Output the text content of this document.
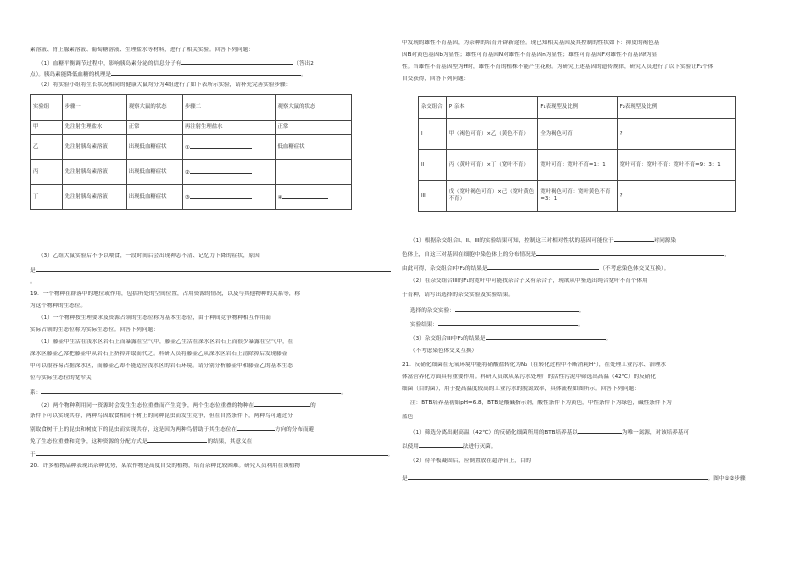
素溶液、胃上腺素溶液、葡萄糖溶液、生理盐水等材料，进行了相关实验。回答下列问题：
（1）血糖平衡调节过程中，影响胰岛素分泌的信息分子有	（答出2
点）。胰岛素能降低血糖的机理是	。
（2）将实验小组将生长状况相同的健康大鼠均分为4组进行了如下表所示实验，请补充完善实验步骤：
实验组	步骤一	观察大鼠的状态	步骤二	观察大鼠的状态
甲	先注射生理盐水	正常	再注射生理盐水	正常
乙	先注射胰岛素溶液	出现低血糖症状	①	低血糖症状
丙	先注射胰岛素溶液	出现低血糖症状	②	
丁	先注射胰岛素溶液	出现低血糖症状	③	④
（3）乙组大鼠实验后不予以喂食，一段时间后会出现神志不清、记忆力下降的症状，原因
是
。
19．一个物种在群落中的地位或作用，包括所处的空间位置，占用资源的情况，以及与其他物种的关系等，称
为这个物种的生态位。
（1）一个物种按生理要求及资源占领的生态位称为基本生态位，由于种间竞争物种相互作用而
实际占领的生态位称为实际生态位。回答下列问题：
（1）藤壶甲生活在浅水区岩石上而暴露在空气中，藤壶乙生活在深水区岩石上而很少暴露在空气中，在
深水区藤壶乙常把藤壶甲从岩石上挤掉并取而代之。科研人员将藤壶乙从深水区岩石上清除掉后发现藤壶
甲可以很容易占据深水区，而藤壶乙却不能适应浅水区的岩石环境。请分别分析藤壶甲和藤壶乙的基本生态
位与实际生态位的宽窄关
系：	。
（2）两个物种利用同一资源时会发生生态位重叠而产生竞争，两个生态位重叠的物种在	的
条件下可以实现共存，两种鸟因取食相同干树上的同种昆虫而发生竞争，但在自然条件下，两种鸟可通过分
别取食树干上的昆虫和树皮下的昆虫而实现共存，这是因为两种鸟借助于其生态位在	方向的分布而避
免了生态位重叠和竞争，这种资源的分配方式是	的结果，其意义在
于	。
20．许多植物品种表现出杂种优势，某农作物是高度自交的植物，培育杂种比较困难。研究人员利用在该植物
中发现的雄性不育基因，为杂种的培育开辟新途径。现已知相关基因及其控制的性状如下：抑皮的褐色基
因B对黄色基因b为显性；雄性可育基因N对雄性不育基因n为显性；雄性可育基因F对雄性不育基因f为显
性。当雄性不育基因型为ff时，雄性不育的植株不能产生花粉。为研究上述基因的遗传规律，研究人员进行了以下实验让F₁个体
自交获得，回答下列问题：
杂交组合	P 亲本	F₁表现型及比例	F₂表现型及比例
I	甲（褐色可育）×乙（黄色不育）	全为褐色可育	?
II	丙（黄叶可育）×丁（宽叶不育）	宽叶可育：宽叶不育=1：1	宽叶可育：宽叶不育：宽叶不育=9：3：1
III	戊（宽叶褐色可育）×己（宽叶黄色不育）	宽叶褐色可育：宽叶黄色不育=3：1	?
（1）根据杂交组合I、II、III的实验结果可知，控制这三对相对性状的基因可能位于	对同源染
色体上，自这三对基因在细胞中染色体上的分布情况是	，
由此可得，杂交组合I中F₂的结果是	（不考虑染色体交叉互换）。
（2）在杂交组合III的F₁的宽叶中可能找杂合子又有杂合子，现欲从中鉴选出纯合宽叶不育个体用
于育种，请写出选择的杂交实验及实验结果。
选择的杂交实验：	。
实验结果：	。
（3）杂交组合III中F₂的结果是	。
（不考虑染色体交叉互换）
21．反硝化细菌在无氧环境中能将硝酸盐转化为N₂（在转化过程中不断消耗H⁺），在处理工业污水、治理水
体富营养化方面具有重要作用。科研人员欲从某污水处理厂的活性污泥中筛选出高温（42℃）的反硝化
细菌（目的菌），用于提高温度较高的工业污水的脱氮效率，具体流程如图所示。回答下列问题：
注：BTB培养基初始pH=6.8，BTB是酸碱指示剂，酸性条件下为黄色，中性条件下为绿色，碱性条件下为
蓝色
（1）筛选分离出耐高温（42℃）的反硝化细菌所用的BTB培养基以	为唯一氮源，对该培养基可
以使用	法进行灭菌。
（2）待平板凝固后，应倒置放在超净台上，目的
是	。图中①②步骤
